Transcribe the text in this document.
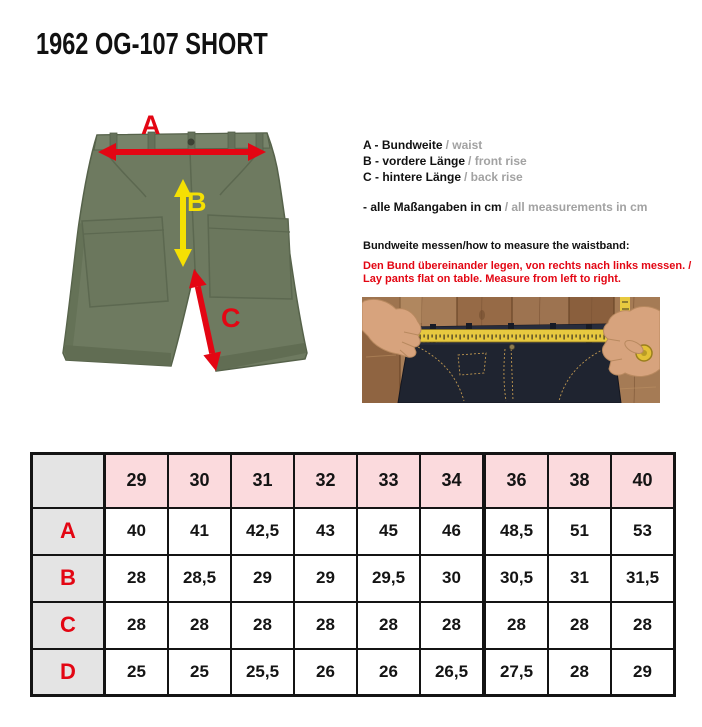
1962 OG-107 SHORT
A
B
C
A - Bundweite / waist
B - vordere Länge / front rise
C - hintere Länge / back rise
- alle Maßangaben in cm / all measurements in cm
Bundweite messen/how to measure the waistband:
Den Bund übereinander legen, von rechts nach links messen. /
Lay pants flat on table. Measure from left to right.
	29	30	31	32	33	34	36	38	40
A	40	41	42,5	43	45	46	48,5	51	53
B	28	28,5	29	29	29,5	30	30,5	31	31,5
C	28	28	28	28	28	28	28	28	28
D	25	25	25,5	26	26	26,5	27,5	28	29
